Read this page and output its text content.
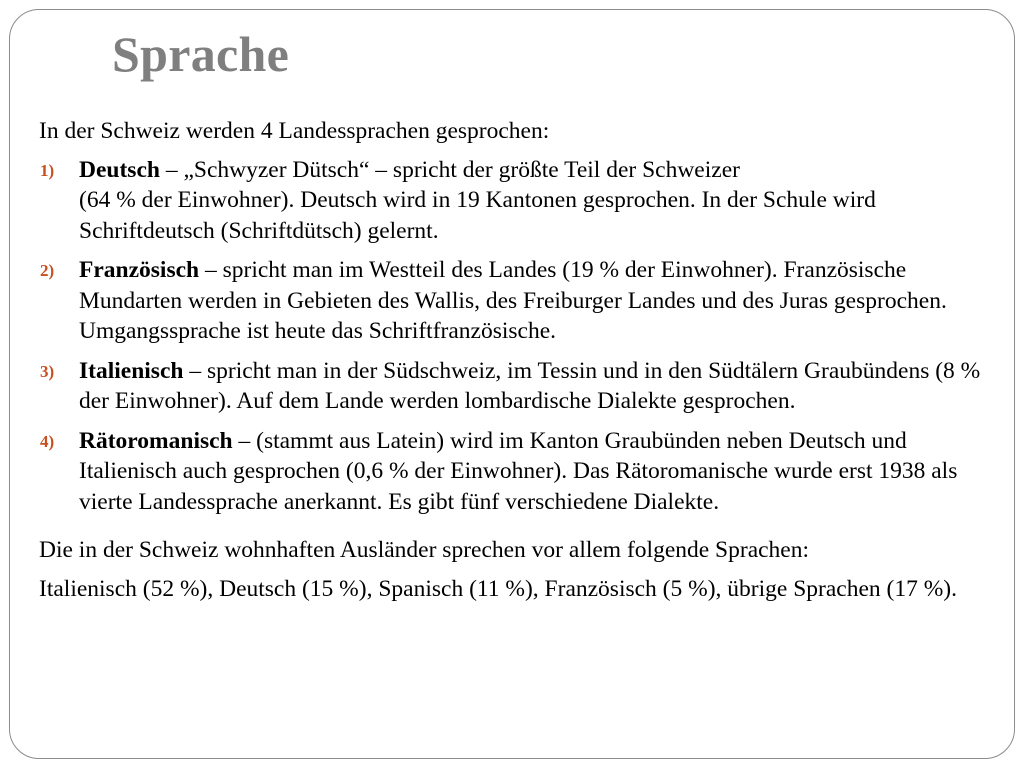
Sprache

In der Schweiz werden 4 Landessprachen gesprochen:

1) Deutsch – „Schwyzer Dütsch“ – spricht der größte Teil der Schweizer
(64 % der Einwohner). Deutsch wird in 19 Kantonen gesprochen. In der Schule wird Schriftdeutsch (Schriftdütsch) gelernt.
2) Französisch – spricht man im Westteil des Landes (19 % der Einwohner). Französische Mundarten werden in Gebieten des Wallis, des Freiburger Landes und des Juras gesprochen. Umgangssprache ist heute das Schriftfranzösische.
3) Italienisch – spricht man in der Südschweiz, im Tessin und in den Südtälern Graubündens (8 % der Einwohner). Auf dem Lande werden lombardische Dialekte gesprochen.
4) Rätoromanisch – (stammt aus Latein) wird im Kanton Graubünden neben Deutsch und Italienisch auch gesprochen (0,6 % der Einwohner). Das Rätoromanische wurde erst 1938 als vierte Landessprache anerkannt. Es gibt fünf verschiedene Dialekte.

Die in der Schweiz wohnhaften Ausländer sprechen vor allem folgende Sprachen:

Italienisch (52 %), Deutsch (15 %), Spanisch (11 %), Französisch (5 %), übrige Sprachen (17 %).
